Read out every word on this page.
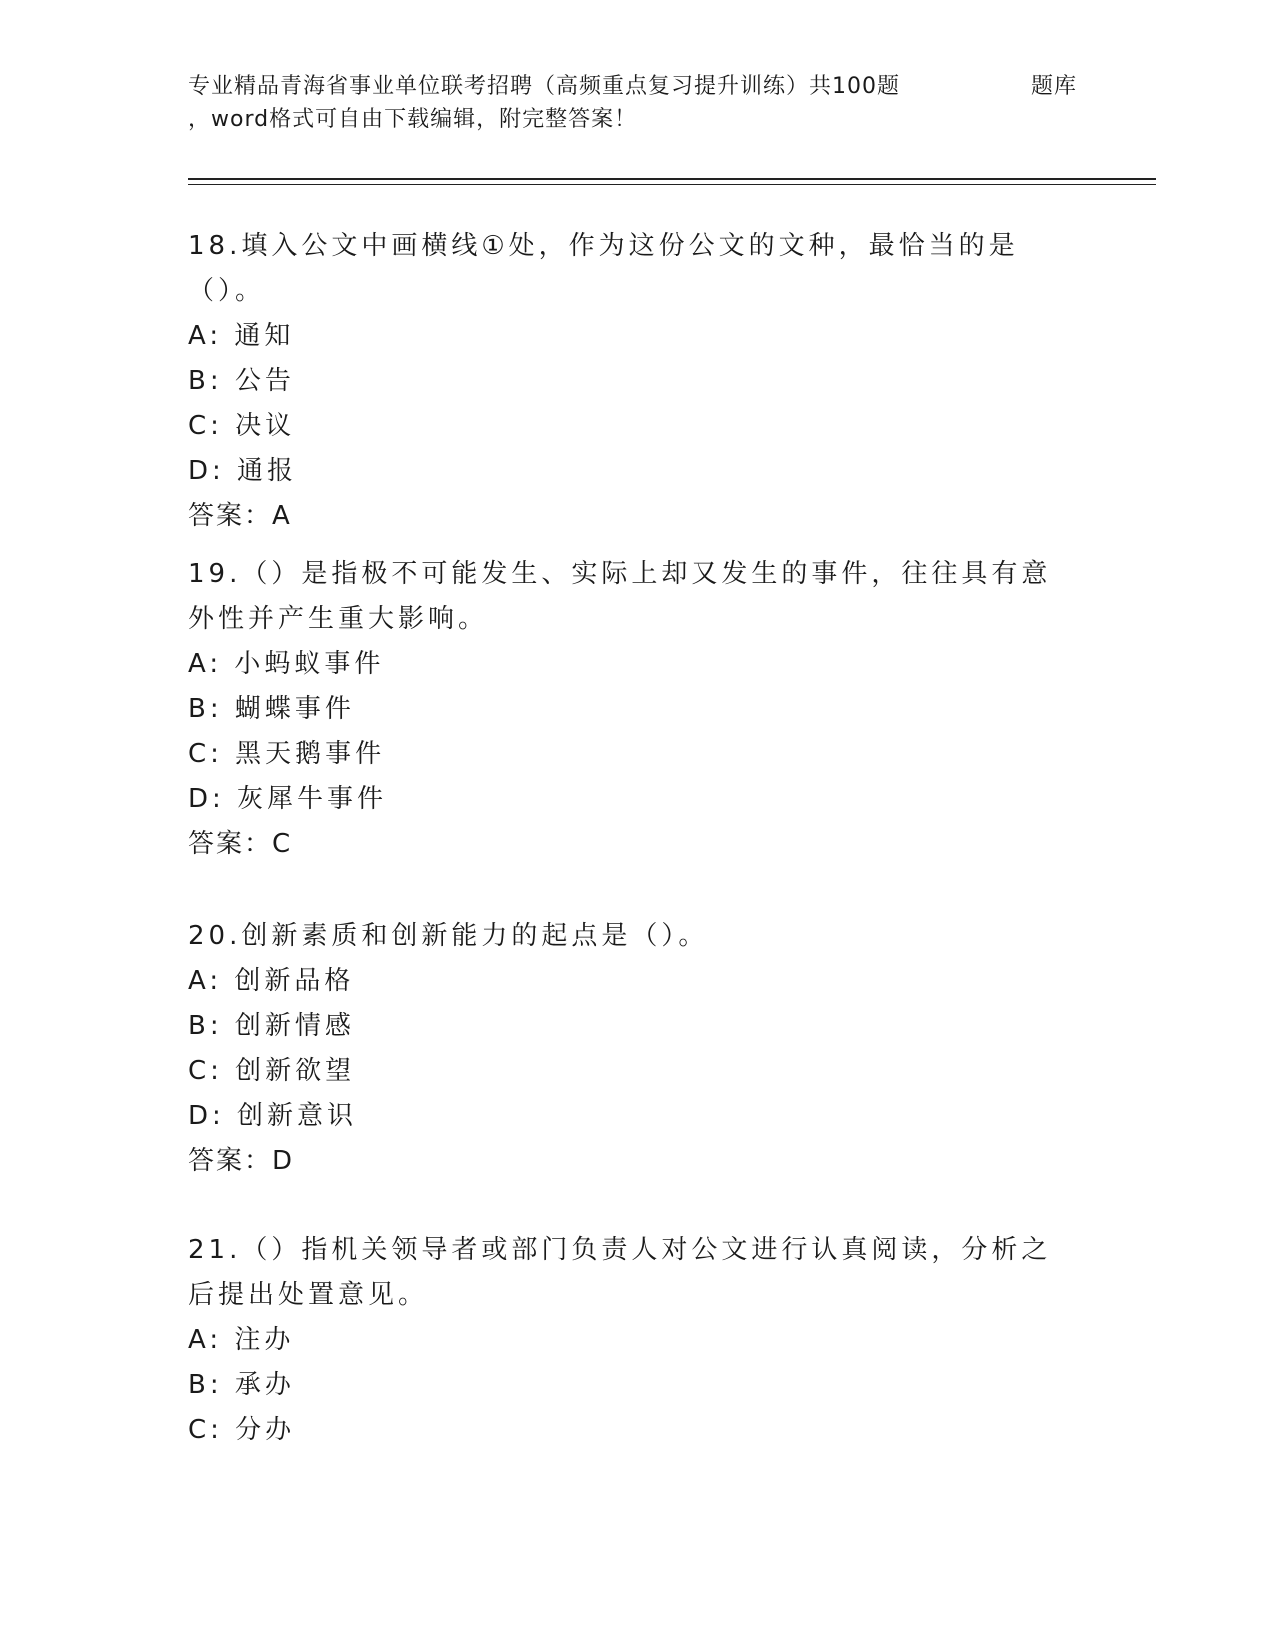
专业精品青海省事业单位联考招聘（高频重点复习提升训练）共100题	题库
，word格式可自由下载编辑，附完整答案！
18.填入公文中画横线①处，作为这份公文的文种，最恰当的是（）。
A: 通知
B: 公告
C: 决议
D: 通报
答案：A
19.（）是指极不可能发生、实际上却又发生的事件，往往具有意外性并产生重大影响。
A: 小蚂蚁事件
B: 蝴蝶事件
C: 黑天鹅事件
D: 灰犀牛事件
答案：C
20.创新素质和创新能力的起点是（）。
A: 创新品格
B: 创新情感
C: 创新欲望
D: 创新意识
答案：D
21.（）指机关领导者或部门负责人对公文进行认真阅读，分析之后提出处置意见。
A: 注办
B: 承办
C: 分办
